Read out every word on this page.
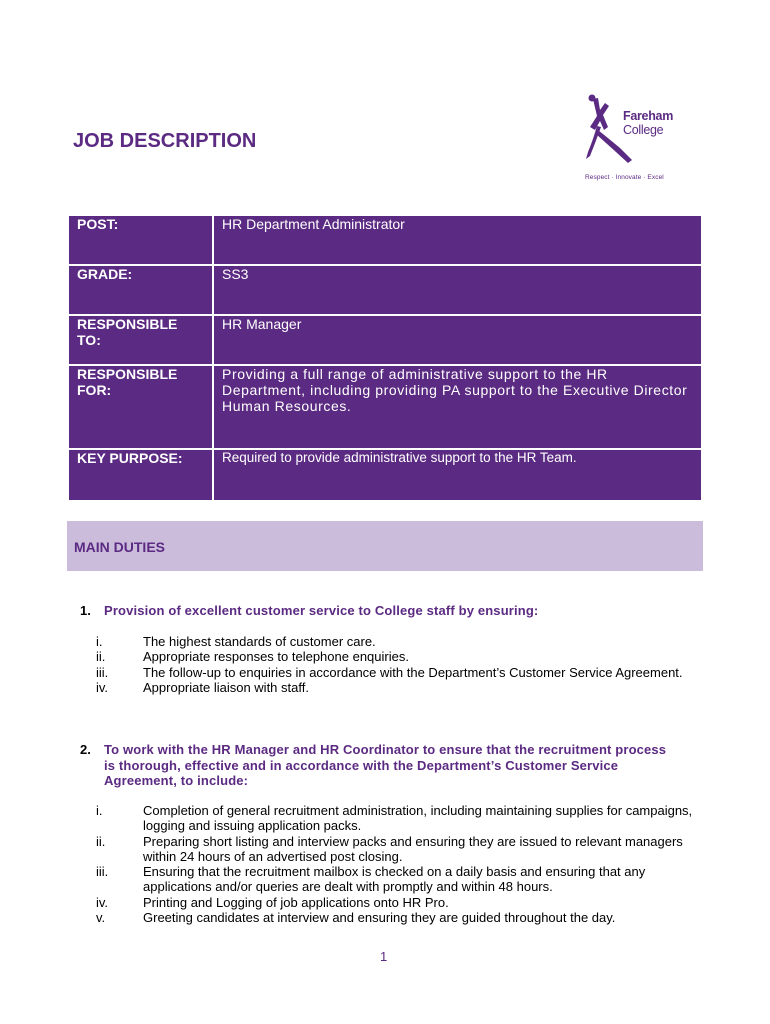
JOB DESCRIPTION
Fareham
College
Respect · Innovate · Excel
POST:	HR Department Administrator
GRADE:	SS3
RESPONSIBLE TO:	HR Manager
RESPONSIBLE FOR:	Providing a full range of administrative support to the HR Department, including providing PA support to the Executive Director Human Resources.
KEY PURPOSE:	Required to provide administrative support to the HR Team.
MAIN DUTIES
1. Provision of excellent customer service to College staff by ensuring:
i.	The highest standards of customer care.
ii.	Appropriate responses to telephone enquiries.
iii.	The follow-up to enquiries in accordance with the Department’s Customer Service Agreement.
iv.	Appropriate liaison with staff.
2. To work with the HR Manager and HR Coordinator to ensure that the recruitment process is thorough, effective and in accordance with the Department’s Customer Service Agreement, to include:
i.	Completion of general recruitment administration, including maintaining supplies for campaigns, logging and issuing application packs.
ii.	Preparing short listing and interview packs and ensuring they are issued to relevant managers within 24 hours of an advertised post closing.
iii.	Ensuring that the recruitment mailbox is checked on a daily basis and ensuring that any applications and/or queries are dealt with promptly and within 48 hours.
iv.	Printing and Logging of job applications onto HR Pro.
v.	Greeting candidates at interview and ensuring they are guided throughout the day.
1
